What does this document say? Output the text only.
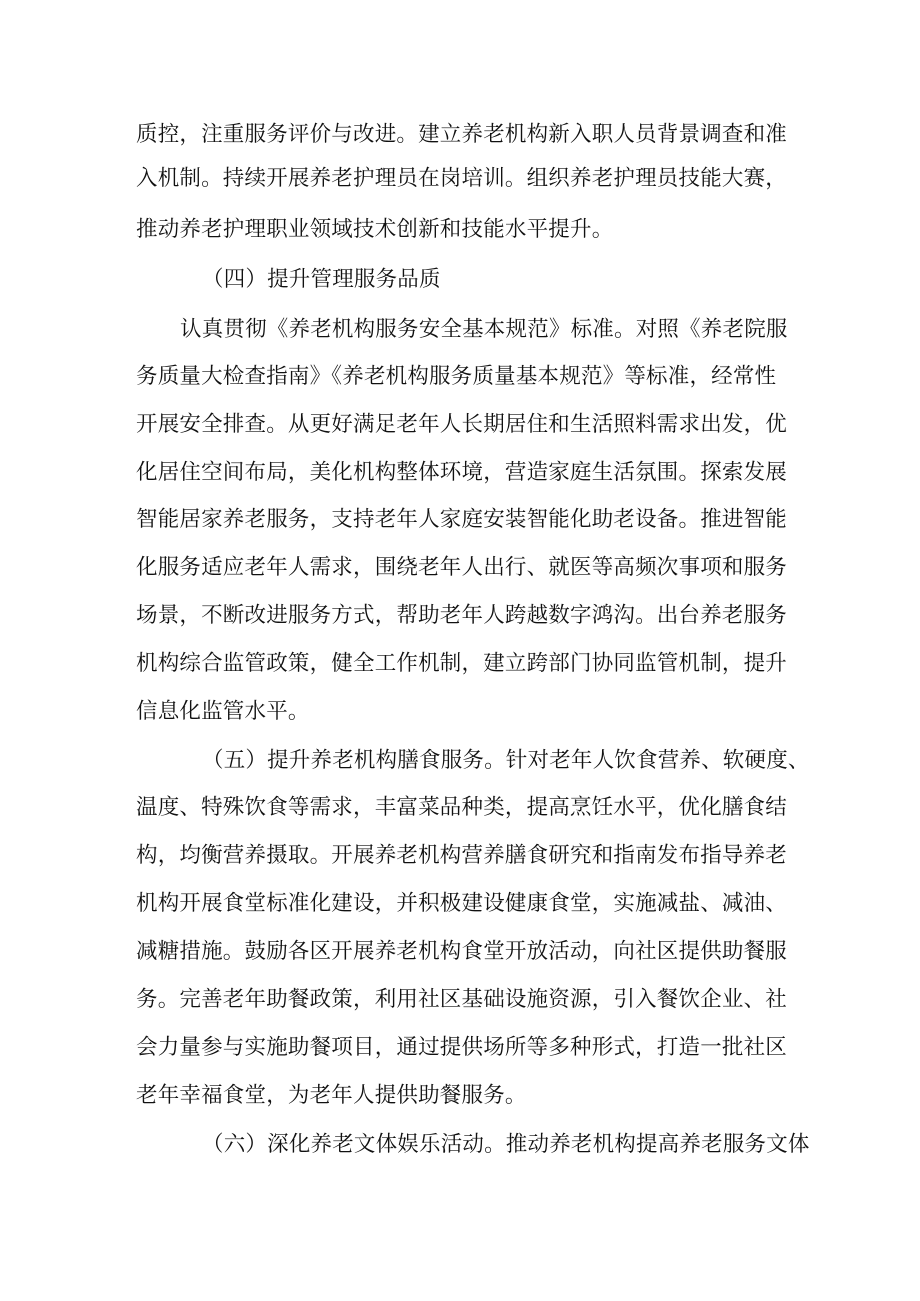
质控，注重服务评价与改进。建立养老机构新入职人员背景调查和准
入机制。持续开展养老护理员在岗培训。组织养老护理员技能大赛，
推动养老护理职业领域技术创新和技能水平提升。
（四）提升管理服务品质
认真贯彻《养老机构服务安全基本规范》标准。对照《养老院服
务质量大检查指南》《养老机构服务质量基本规范》等标准，经常性
开展安全排查。从更好满足老年人长期居住和生活照料需求出发，优
化居住空间布局，美化机构整体环境，营造家庭生活氛围。探索发展
智能居家养老服务，支持老年人家庭安装智能化助老设备。推进智能
化服务适应老年人需求，围绕老年人出行、就医等高频次事项和服务
场景，不断改进服务方式，帮助老年人跨越数字鸿沟。出台养老服务
机构综合监管政策，健全工作机制，建立跨部门协同监管机制，提升
信息化监管水平。
（五）提升养老机构膳食服务。针对老年人饮食营养、软硬度、
温度、特殊饮食等需求，丰富菜品种类，提高烹饪水平，优化膳食结
构，均衡营养摄取。开展养老机构营养膳食研究和指南发布指导养老
机构开展食堂标准化建设，并积极建设健康食堂，实施减盐、减油、
减糖措施。鼓励各区开展养老机构食堂开放活动，向社区提供助餐服
务。完善老年助餐政策，利用社区基础设施资源，引入餐饮企业、社
会力量参与实施助餐项目，通过提供场所等多种形式，打造一批社区
老年幸福食堂，为老年人提供助餐服务。
（六）深化养老文体娱乐活动。推动养老机构提高养老服务文体
